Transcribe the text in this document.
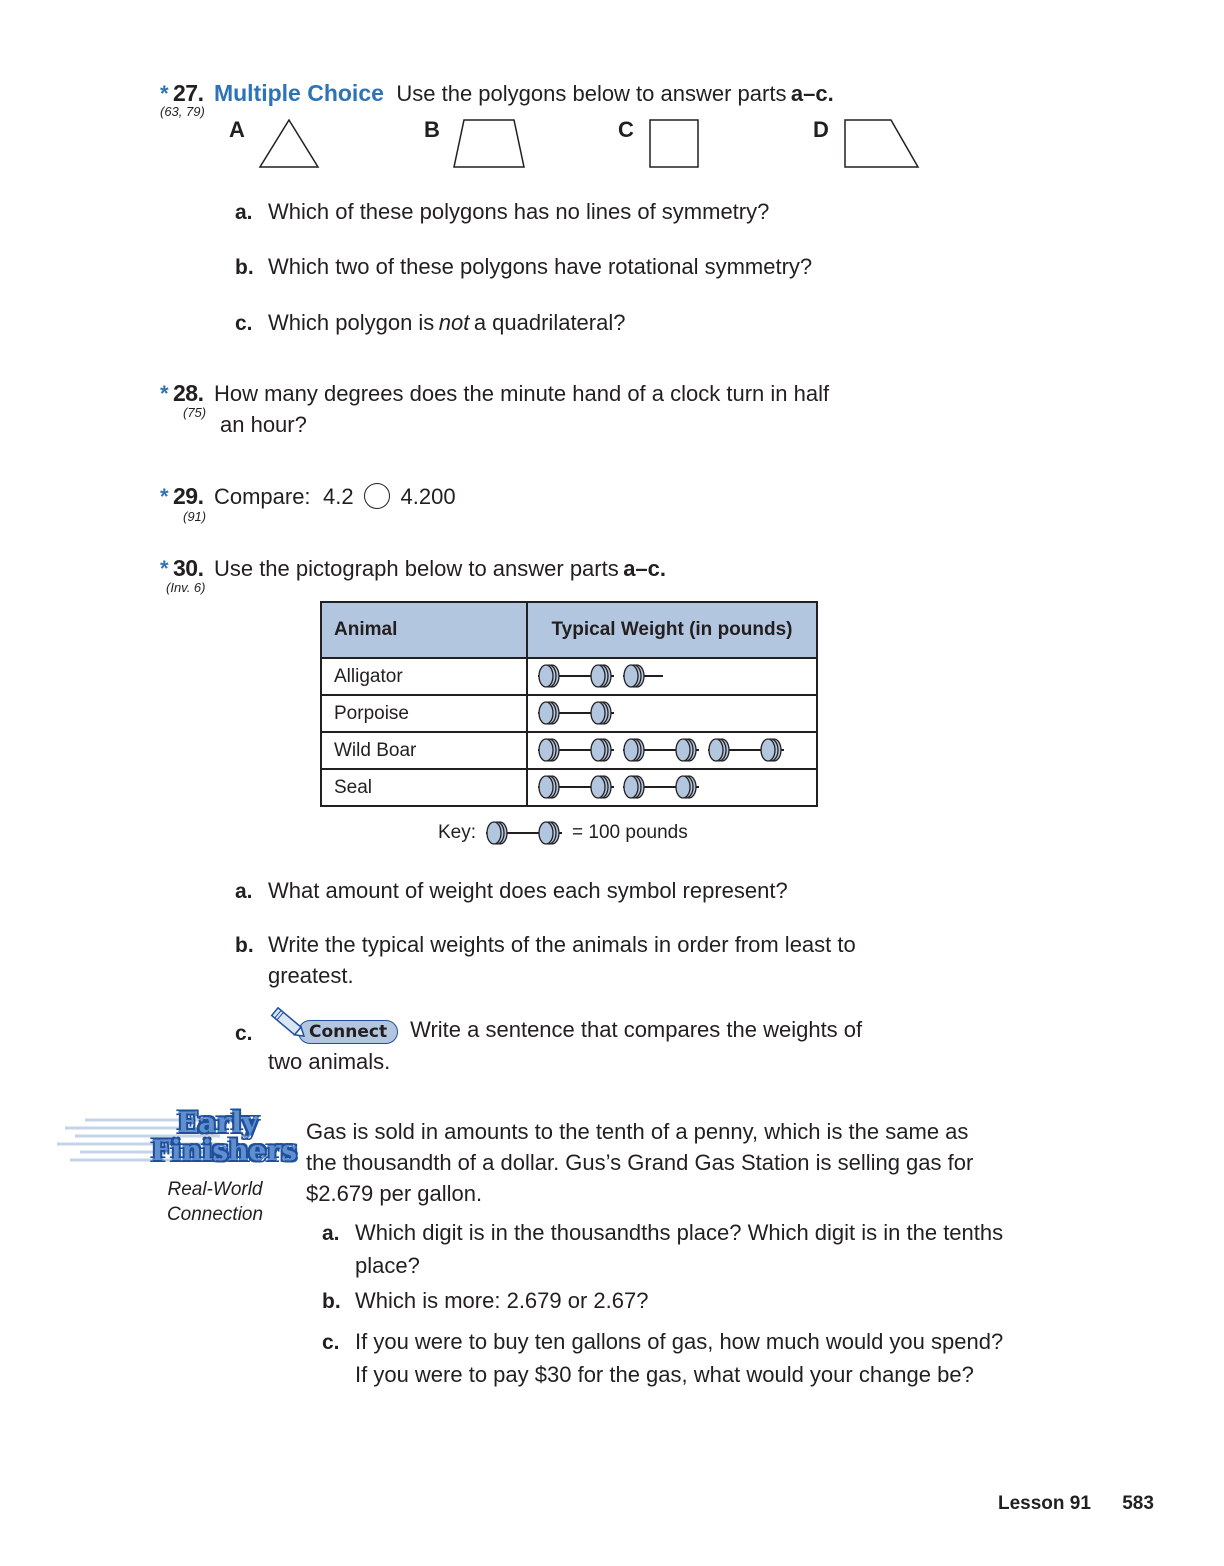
* 27. Multiple Choice Use the polygons below to answer parts a–c.
(63, 79)
A	B	C	D
a. Which of these polygons has no lines of symmetry?
b. Which two of these polygons have rotational symmetry?
c. Which polygon is not a quadrilateral?
* 28. How many degrees does the minute hand of a clock turn in half
(75) an hour?
* 29. Compare: 4.2 4.200
(91)
* 30. Use the pictograph below to answer parts a–c.
(Inv. 6)
Animal	Typical Weight (in pounds)
Alligator	

Porpoise	

Wild Boar	

Seal	
Key:	= 100 pounds
a. What amount of weight does each symbol represent?
b. Write the typical weights of the animals in order from least to
greatest.
c.	Connect	Write a sentence that compares the weights of
two animals.
Early
Finishers
Real-World
Connection
Gas is sold in amounts to the tenth of a penny, which is the same as
the thousandth of a dollar. Gus’s Grand Gas Station is selling gas for
$2.679 per gallon.
a. Which digit is in the thousandths place? Which digit is in the tenths
place?
b. Which is more: 2.679 or 2.67?
c. If you were to buy ten gallons of gas, how much would you spend?
If you were to pay $30 for the gas, what would your change be?
Lesson 91 583
